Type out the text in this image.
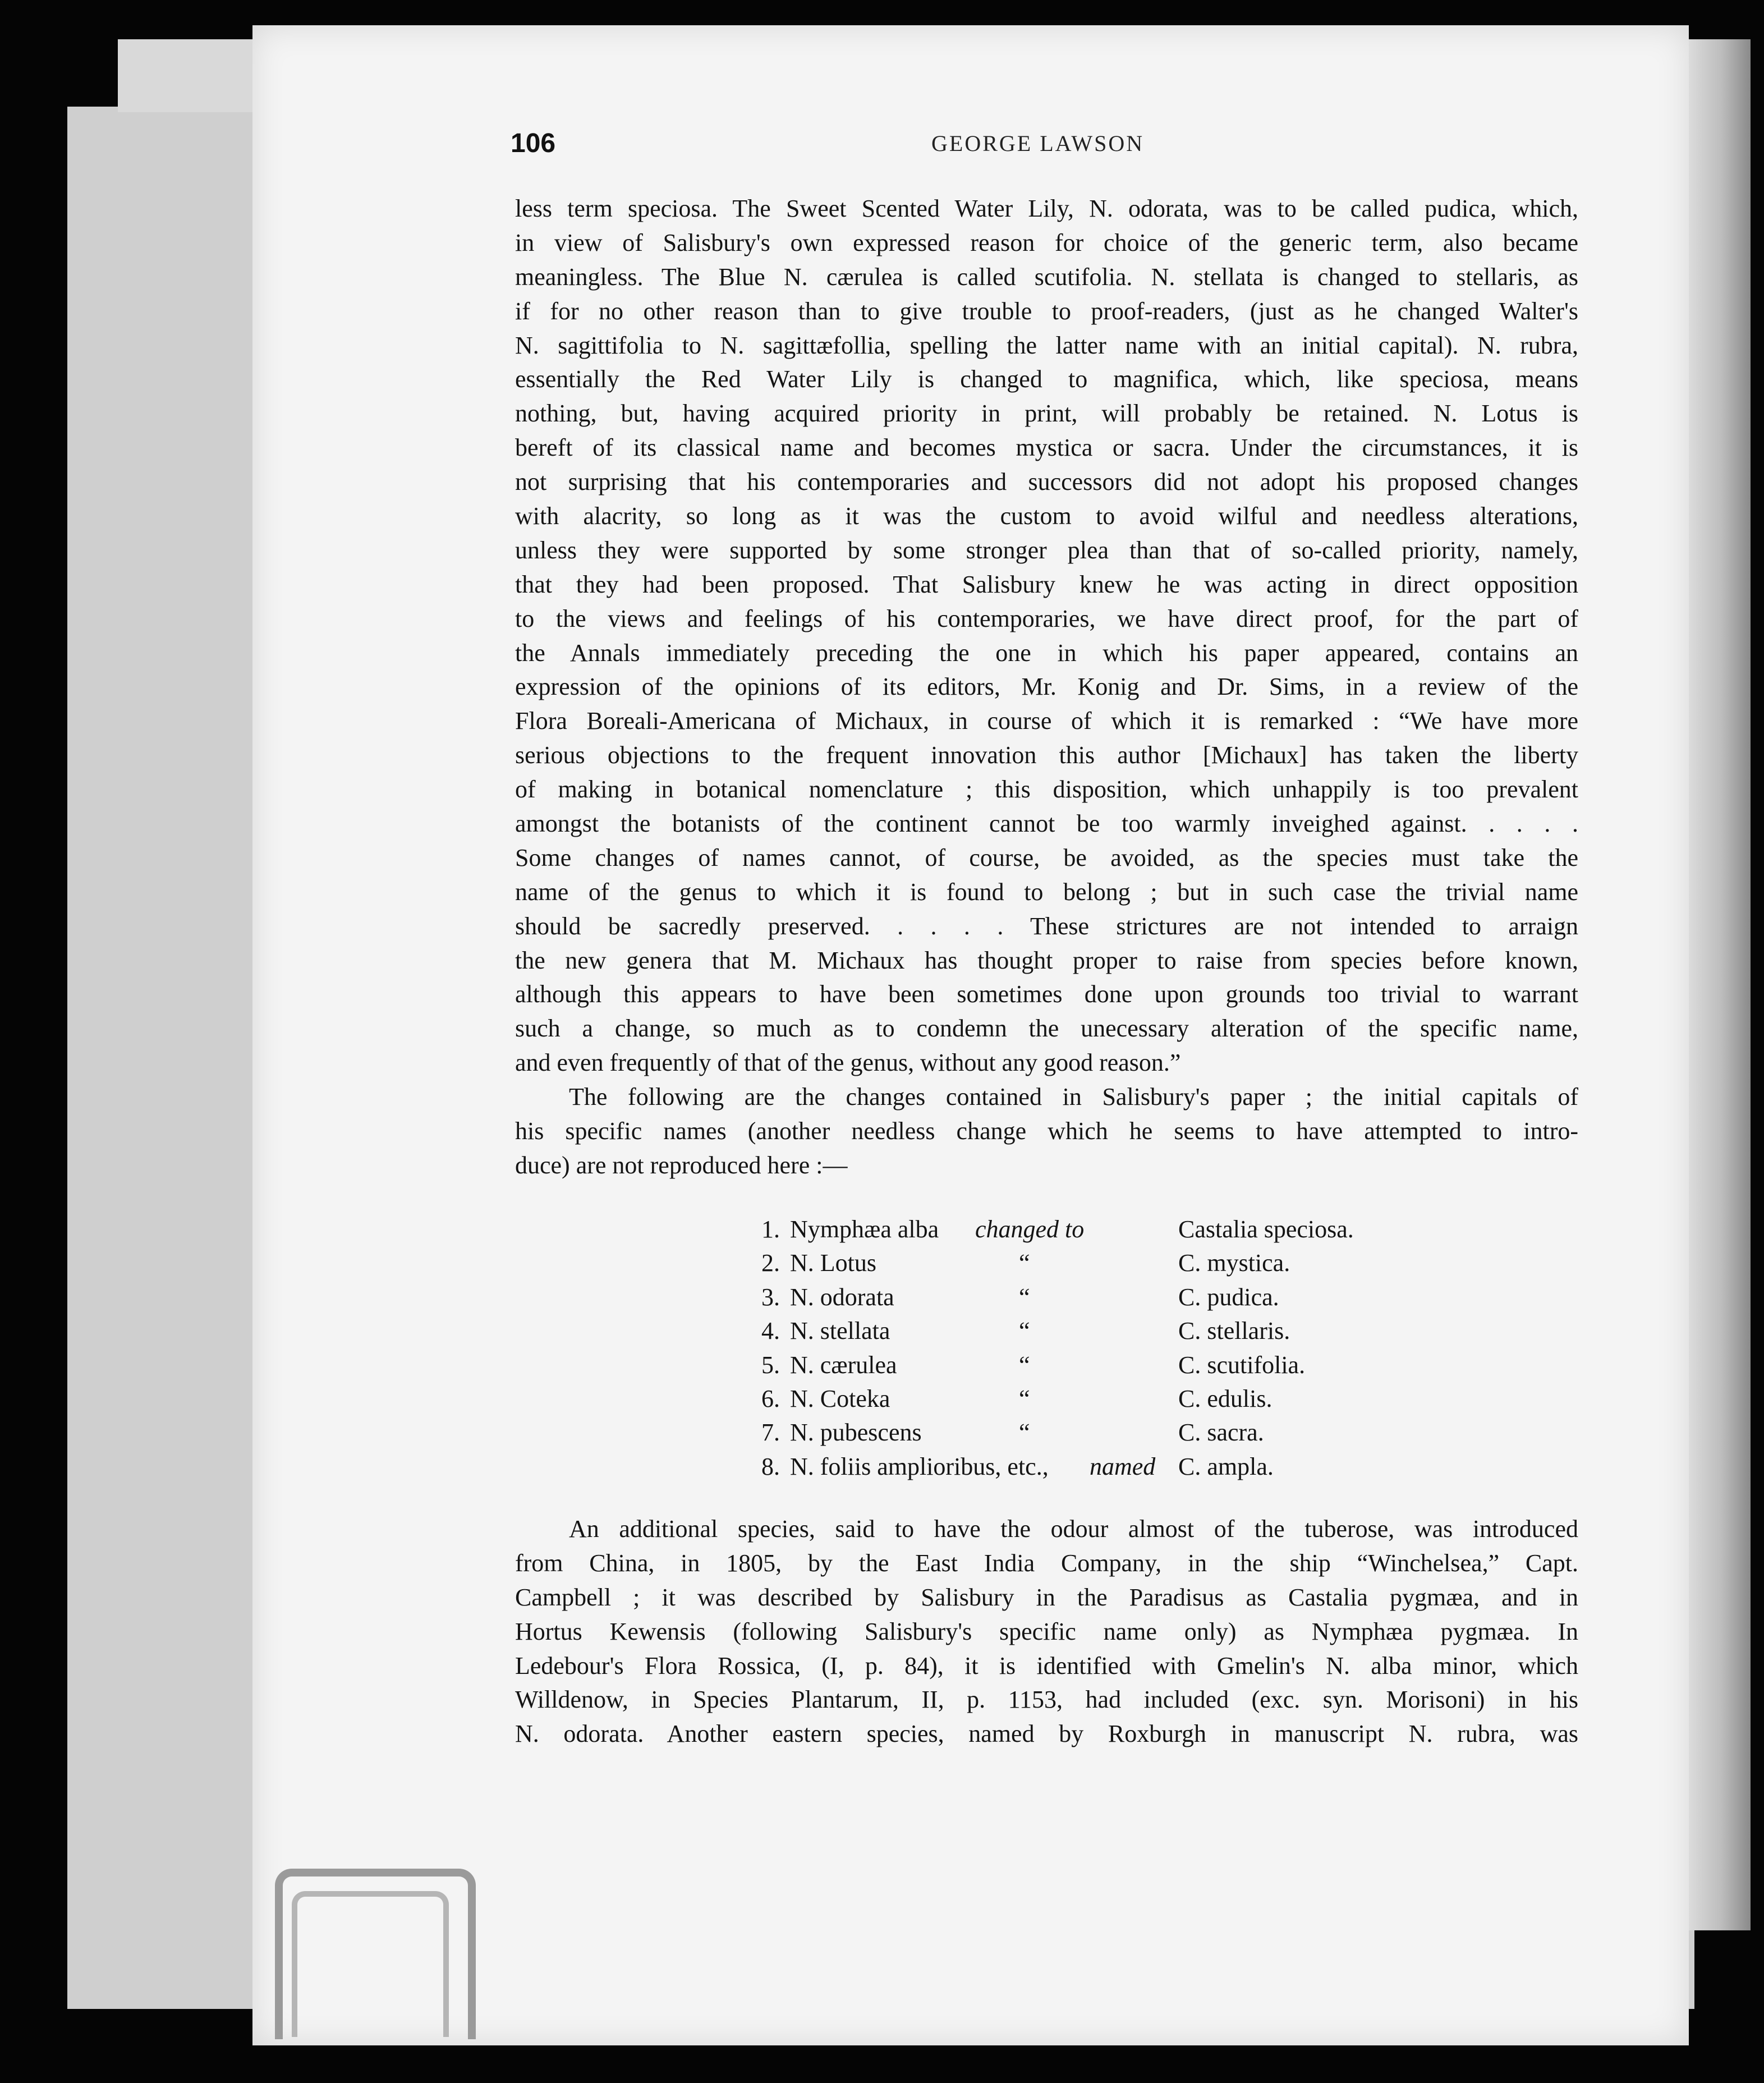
106	GEORGE LAWSON
less term speciosa. The Sweet Scented Water Lily, N. odorata, was to be called pudica, which,
in view of Salisbury's own expressed reason for choice of the generic term, also became
meaningless. The Blue N. cærulea is called scutifolia. N. stellata is changed to stellaris, as
if for no other reason than to give trouble to proof-readers, (just as he changed Walter's
N. sagittifolia to N. sagittæfollia, spelling the latter name with an initial capital). N. rubra,
essentially the Red Water Lily is changed to magnifica, which, like speciosa, means
nothing, but, having acquired priority in print, will probably be retained. N. Lotus is
bereft of its classical name and becomes mystica or sacra. Under the circumstances, it is
not surprising that his contemporaries and successors did not adopt his proposed changes
with alacrity, so long as it was the custom to avoid wilful and needless alterations,
unless they were supported by some stronger plea than that of so-called priority, namely,
that they had been proposed. That Salisbury knew he was acting in direct opposition
to the views and feelings of his contemporaries, we have direct proof, for the part of
the Annals immediately preceding the one in which his paper appeared, contains an
expression of the opinions of its editors, Mr. Konig and Dr. Sims, in a review of the
Flora Boreali-Americana of Michaux, in course of which it is remarked : “We have more
serious objections to the frequent innovation this author [Michaux] has taken the liberty
of making in botanical nomenclature ; this disposition, which unhappily is too prevalent
amongst the botanists of the continent cannot be too warmly inveighed against. . . . .
Some changes of names cannot, of course, be avoided, as the species must take the
name of the genus to which it is found to belong ; but in such case the trivial name
should be sacredly preserved. . . . . These strictures are not intended to arraign
the new genera that M. Michaux has thought proper to raise from species before known,
although this appears to have been sometimes done upon grounds too trivial to warrant
such a change, so much as to condemn the unecessary alteration of the specific name,
and even frequently of that of the genus, without any good reason.”
The following are the changes contained in Salisbury's paper ; the initial capitals of
his specific names (another needless change which he seems to have attempted to intro-
duce) are not reproduced here :—
1. Nymphæa alba changed to	Castalia speciosa.
2. N. Lotus	“	C. mystica.
3. N. odorata	“	C. pudica.
4. N. stellata	“	C. stellaris.
5. N. cærulea	“	C. scutifolia.
6. N. Coteka	“	C. edulis.
7. N. pubescens	“	C. sacra.
8. N. foliis amplioribus, etc., named C. ampla.
An additional species, said to have the odour almost of the tuberose, was introduced
from China, in 1805, by the East India Company, in the ship “Winchelsea,” Capt.
Campbell ; it was described by Salisbury in the Paradisus as Castalia pygmæa, and in
Hortus Kewensis (following Salisbury's specific name only) as Nymphæa pygmæa. In
Ledebour's Flora Rossica, (I, p. 84), it is identified with Gmelin's N. alba minor, which
Willdenow, in Species Plantarum, II, p. 1153, had included (exc. syn. Morisoni) in his
N. odorata. Another eastern species, named by Roxburgh in manuscript N. rubra, was
